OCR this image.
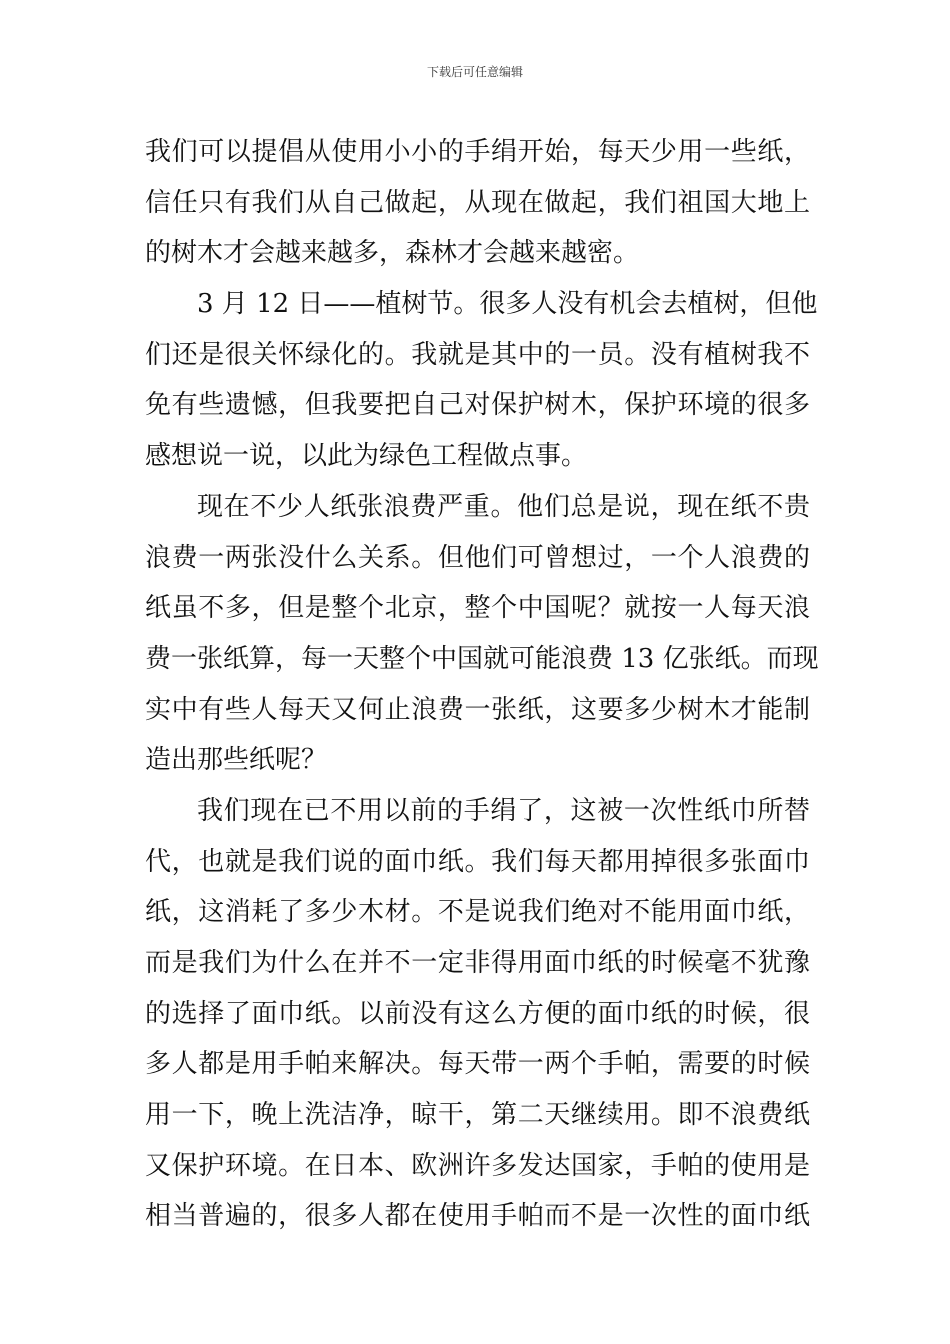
下载后可任意编辑
我们可以提倡从使用小小的手绢开始，每天少用一些纸，
信任只有我们从自己做起，从现在做起，我们祖国大地上
的树木才会越来越多，森林才会越来越密。
3 月 12 日——植树节。很多人没有机会去植树，但他
们还是很关怀绿化的。我就是其中的一员。没有植树我不
免有些遗憾，但我要把自己对保护树木，保护环境的很多
感想说一说，以此为绿色工程做点事。
现在不少人纸张浪费严重。他们总是说，现在纸不贵
浪费一两张没什么关系。但他们可曾想过，一个人浪费的
纸虽不多，但是整个北京，整个中国呢？就按一人每天浪
费一张纸算，每一天整个中国就可能浪费 13 亿张纸。而现
实中有些人每天又何止浪费一张纸，这要多少树木才能制
造出那些纸呢？
我们现在已不用以前的手绢了，这被一次性纸巾所替
代，也就是我们说的面巾纸。我们每天都用掉很多张面巾
纸，这消耗了多少木材。不是说我们绝对不能用面巾纸，
而是我们为什么在并不一定非得用面巾纸的时候毫不犹豫
的选择了面巾纸。以前没有这么方便的面巾纸的时候，很
多人都是用手帕来解决。每天带一两个手帕，需要的时候
用一下，晚上洗洁净，晾干，第二天继续用。即不浪费纸
又保护环境。在日本、欧洲许多发达国家，手帕的使用是
相当普遍的，很多人都在使用手帕而不是一次性的面巾纸
